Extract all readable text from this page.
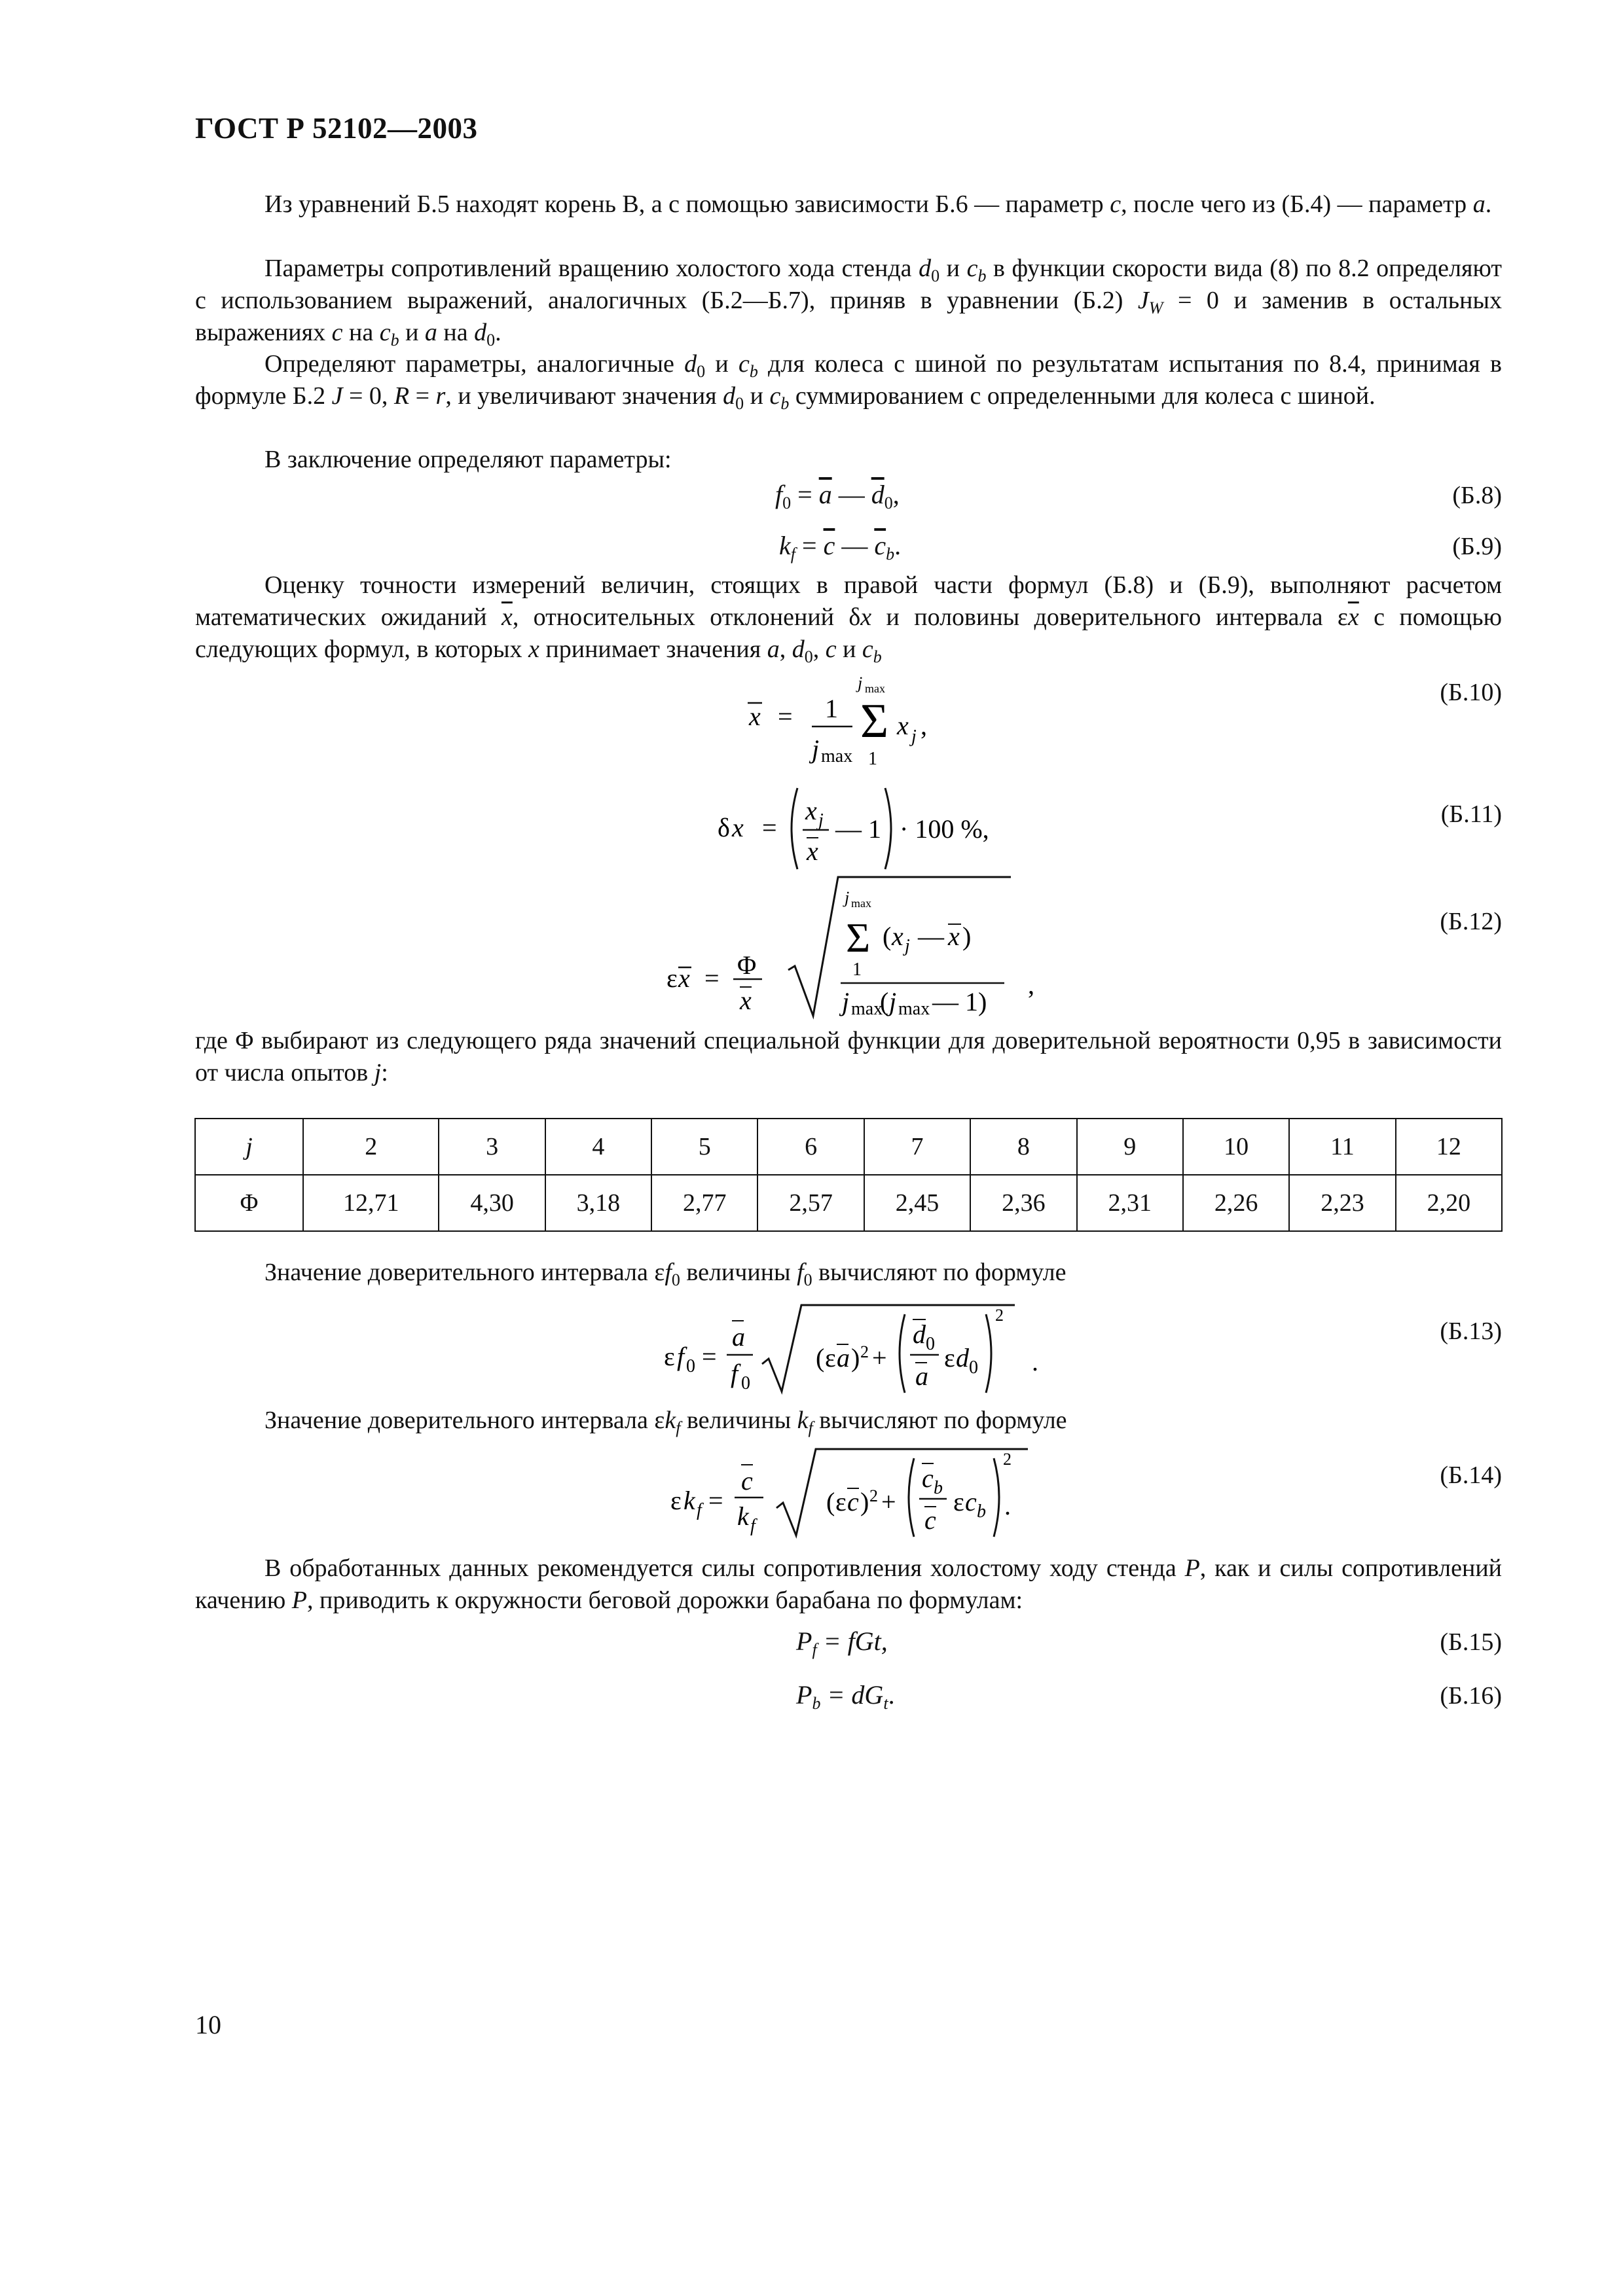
ГОСТ Р 52102—2003

Из уравнений Б.5 находят корень В, а с помощью зависимости Б.6 — параметр c, после чего из (Б.4) — параметр a.

Параметры сопротивлений вращению холостого хода стенда $d_0$ и $c_b$ в функции скорости вида (8) по 8.2 определяют с использованием выражений, аналогичных (Б.2—Б.7), приняв в уравнении (Б.2) $J_W = 0$ и заменив в остальных выражениях c на $c_b$ и a на $d_0$.

Определяют параметры, аналогичные $d_0$ и $c_b$ для колеса с шиной по результатам испытания по 8.4, принимая в формуле Б.2 J = 0, R = r, и увеличивают значения $d_0$ и $c_b$ суммированием с определенными для колеса с шиной.

В заключение определяют параметры:
$f_0 = \overline{a}$ — $\overline{d}_0$,	(Б.8)
$k_f = \overline{c}$ — $\overline{c}_b$.	(Б.9)

Оценку точности измерений величин, стоящих в правой части формул (Б.8) и (Б.9), выполняют расчетом математических ожиданий $\overline{x}$, относительных отклонений δx и половины доверительного интервала $\varepsilon\overline{x}$ с помощью следующих формул, в которых x принимает значения a, $d_0$, c и $c_b$

x = 1
j max
j max
Σ
1
x j ,
(Б.10)
δ x =
x j
x
— 1 · 100 %,	(Б.11)
ε x = Φ
x
j max
Σ
1
( x j — x )
j max
( j max — 1)
,
(Б.12)

где Φ выбирают из следующего ряда значений специальной функции для доверительной вероятности 0,95 в зависимости от числа опытов j:

j	2	3	4	5	6	7	8	9	10	11	12
Φ	12,71	4,30	3,18	2,77	2,57	2,45	2,36	2,31	2,26	2,23	2,20
Значение доверительного интервала $\varepsilon f_0$ величины $f_0$ вычисляют по формуле
ε f 0 =
a
f 0
( ε a ) 2 +
d 0
a
ε d 0
2
.
(Б.13)
Значение доверительного интервала $\varepsilon k_f$ величины $k_f$ вычисляют по формуле
ε k f =
c
k f
( ε c ) 2 +
c b
c
ε c b
2
.
(Б.14)

В обработанных данных рекомендуется силы сопротивления холостому ходу стенда P, как и силы сопротивлений качению P, приводить к окружности беговой дорожки барабана по формулам:

$P_f$ = fGt,	(Б.15)
$P_b = dG_t$.	(Б.16)
10
